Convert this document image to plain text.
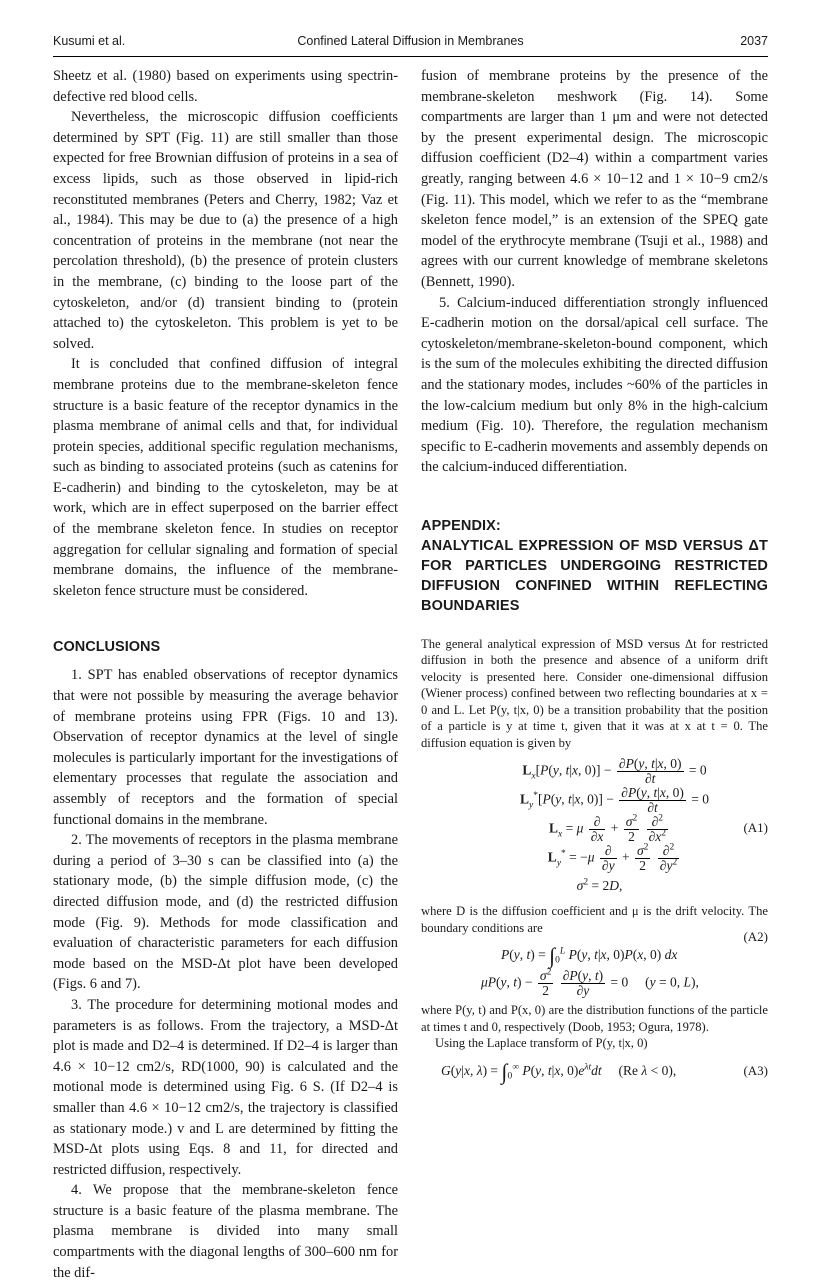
Kusumi et al.	Confined Lateral Diffusion in Membranes	2037

Sheetz et al. (1980) based on experiments using spectrin-defective red blood cells.

Nevertheless, the microscopic diffusion coefficients determined by SPT (Fig. 11) are still smaller than those expected for free Brownian diffusion of proteins in a sea of excess lipids, such as those observed in lipid-rich reconstituted membranes (Peters and Cherry, 1982; Vaz et al., 1984). This may be due to (a) the presence of a high concentration of proteins in the membrane (not near the percolation threshold), (b) the presence of protein clusters in the membrane, (c) binding to the loose part of the cytoskeleton, and/or (d) transient binding to (protein attached to) the cytoskeleton. This problem is yet to be solved.

It is concluded that confined diffusion of integral membrane proteins due to the membrane-skeleton fence structure is a basic feature of the receptor dynamics in the plasma membrane of animal cells and that, for individual protein species, additional specific regulation mechanisms, such as binding to associated proteins (such as catenins for E-cadherin) and binding to the cytoskeleton, may be at work, which are in effect superposed on the barrier effect of the membrane skeleton fence. In studies on receptor aggregation for cellular signaling and formation of special membrane domains, the influence of the membrane-skeleton fence structure must be considered.

CONCLUSIONS

1. SPT has enabled observations of receptor dynamics that were not possible by measuring the average behavior of membrane proteins using FPR (Figs. 10 and 13). Observation of receptor dynamics at the level of single molecules is particularly important for the investigations of elementary processes that regulate the association and assembly of receptors and the formation of special functional domains in the membrane.

2. The movements of receptors in the plasma membrane during a period of 3–30 s can be classified into (a) the stationary mode, (b) the simple diffusion mode, (c) the directed diffusion mode, and (d) the restricted diffusion mode (Fig. 9). Methods for mode classification and evaluation of characteristic parameters for each diffusion mode based on the MSD-Δt plot have been developed (Figs. 6 and 7).

3. The procedure for determining motional modes and parameters is as follows. From the trajectory, a MSD-Δt plot is made and D2–4 is determined. If D2–4 is larger than 4.6 × 10−12 cm2/s, RD(1000, 90) is calculated and the motional mode is determined using Fig. 6 S. (If D2–4 is smaller than 4.6 × 10−12 cm2/s, the trajectory is classified as stationary mode.) v and L are determined by fitting the MSD-Δt plots using Eqs. 8 and 11, for directed and restricted diffusion, respectively.

4. We propose that the membrane-skeleton fence structure is a basic feature of the plasma membrane. The plasma membrane is divided into many small compartments with the diagonal lengths of 300–600 nm for the dif-

fusion of membrane proteins by the presence of the membrane-skeleton meshwork (Fig. 14). Some compartments are larger than 1 μm and were not detected by the present experimental design. The microscopic diffusion coefficient (D2–4) within a compartment varies greatly, ranging between 4.6 × 10−12 and 1 × 10−9 cm2/s (Fig. 11). This model, which we refer to as the “membrane skeleton fence model,” is an extension of the SPEQ gate model of the erythrocyte membrane (Tsuji et al., 1988) and agrees with our current knowledge of membrane skeletons (Bennett, 1990).

5. Calcium-induced differentiation strongly influenced E-cadherin motion on the dorsal/apical cell surface. The cytoskeleton/membrane-skeleton-bound component, which is the sum of the molecules exhibiting the directed diffusion and the stationary modes, includes ~60% of the particles in the low-calcium medium but only 8% in the high-calcium medium (Fig. 10). Therefore, the regulation mechanism specific to E-cadherin movements and assembly depends on the calcium-induced differentiation.

APPENDIX:
ANALYTICAL EXPRESSION OF MSD VERSUS ΔT FOR PARTICLES UNDERGOING RESTRICTED DIFFUSION CONFINED WITHIN REFLECTING BOUNDARIES

The general analytical expression of MSD versus Δt for restricted diffusion in both the presence and absence of a uniform drift velocity is presented here. Consider one-dimensional diffusion (Wiener process) confined between two reflecting boundaries at x = 0 and L. Let P(y, t|x, 0) be a transition probability that the position of a particle is y at time t, given that it was at x at t = 0. The diffusion equation is given by

$L_x[P(y$, t|x, $0)] - \frac{\partial P(y, t|x, 0)}{\partial t} = 0$
$L_y^*[P(y$, t|x, $0)] - \frac{\partial P(y, t|x, 0)}{\partial t} = 0$
$L_x = \mu \frac{\partial}{\partial x} + \frac{\sigma^2}{2}$
$\frac{\partial^2}{\partial x^2}$	(A1)
$L_y^* = -\mu \frac{\partial}{\partial y} + \frac{\sigma^2}{2}$
$\frac{\partial^2}{\partial y^2}$
$\sigma^2 = 2D$,

where D is the diffusion coefficient and μ is the drift velocity. The boundary conditions are

P(y, $t) = \int_0^L$ P(y, t|x, 0)P(x, 0) dx
μP(y, $t) - \frac{\sigma^2}{2}$
$\frac{\partial P(y, t)}{\partial y} = 0$     (y = 0, L),
(A2)

where P(y, t) and P(x, 0) are the distribution functions of the particle at times t and 0, respectively (Doob, 1953; Ogura, 1978).

Using the Laplace transform of P(y, t|x, 0)

G(y|x, $\lambda) = \int_0^\infty$ P(y, t|x, $0)e^{\lambda t}dt$     (Re λ < 0),	(A3)
